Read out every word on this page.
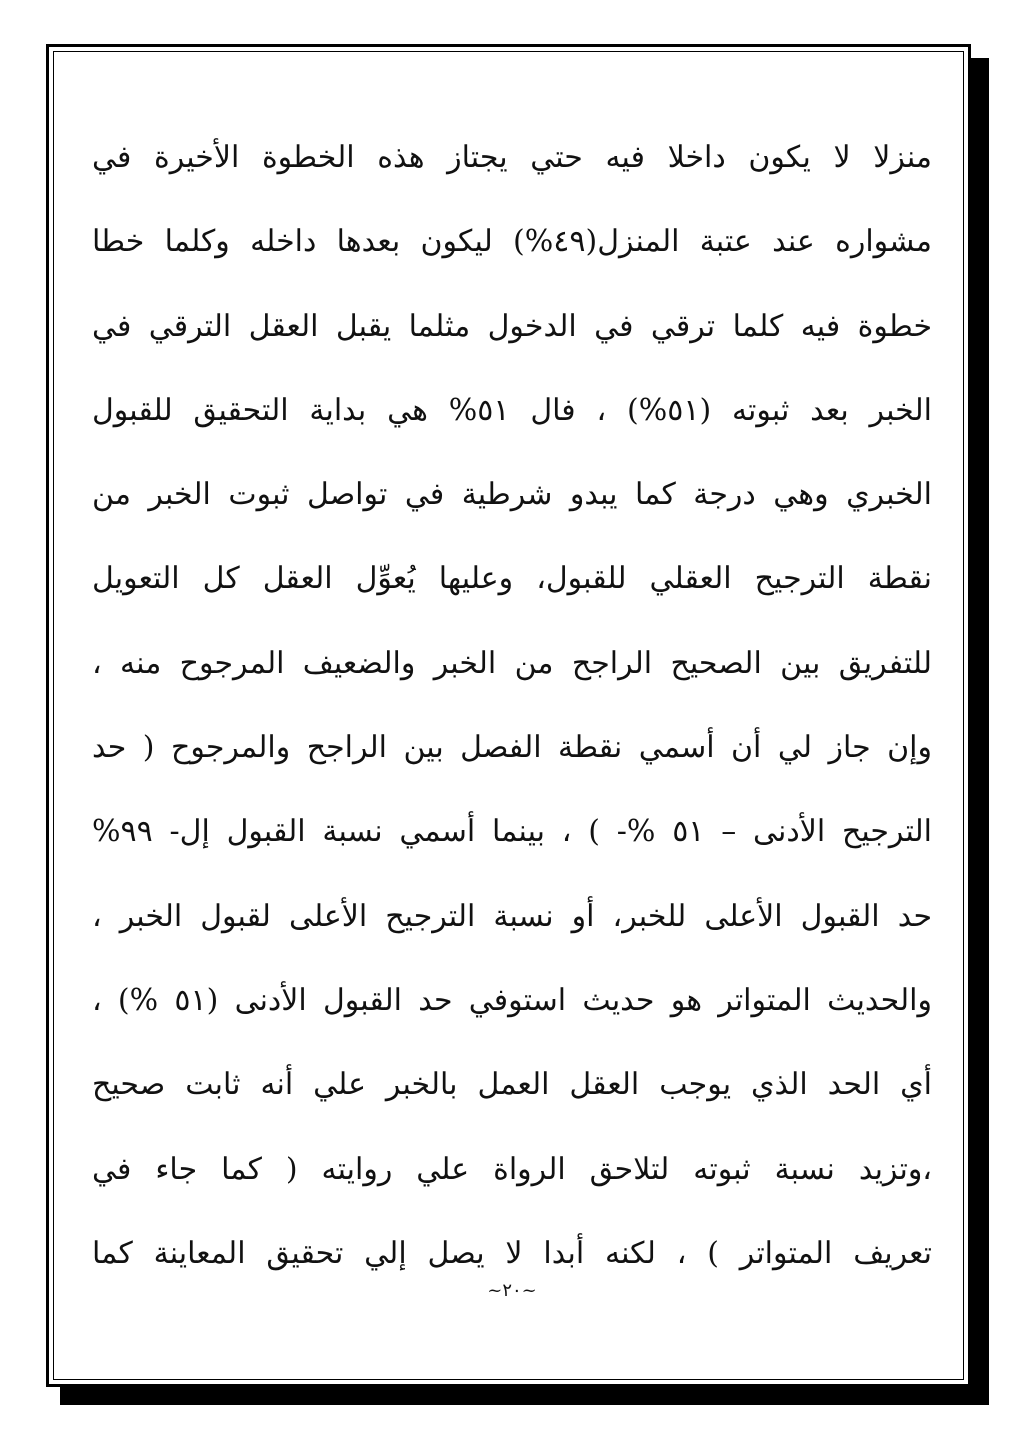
منزلا لا يكون داخلا فيه حتي يجتاز هذه الخطوة الأخيرة في
مشواره عند عتبة المنزل(٤٩%) ليكون بعدها داخله وكلما خطا
خطوة فيه كلما ترقي في الدخول مثلما يقبل العقل الترقي في
الخبر بعد ثبوته (٥١%) ، فال ٥١% هي بداية التحقيق للقبول
الخبري وهي درجة كما يبدو شرطية في تواصل ثبوت الخبر من
نقطة الترجيح العقلي للقبول، وعليها يُعوِّل العقل كل التعويل
للتفريق بين الصحيح الراجح من الخبر والضعيف المرجوح منه ،
وإن جاز لي أن أسمي نقطة الفصل بين الراجح والمرجوح ( حد
الترجيح الأدنى – ٥١ %- ) ، بينما أسمي نسبة القبول إل- ٩٩%
حد القبول الأعلى للخبر، أو نسبة الترجيح الأعلى لقبول الخبر ،
والحديث المتواتر هو حديث استوفي حد القبول الأدنى (٥١ %) ،
أي الحد الذي يوجب العقل العمل بالخبر علي أنه ثابت صحيح
،وتزيد نسبة ثبوته لتلاحق الرواة علي روايته ( كما جاء في
تعريف المتواتر ) ، لكنه أبدا لا يصل إلي تحقيق المعاينة كما
~٢٠~
